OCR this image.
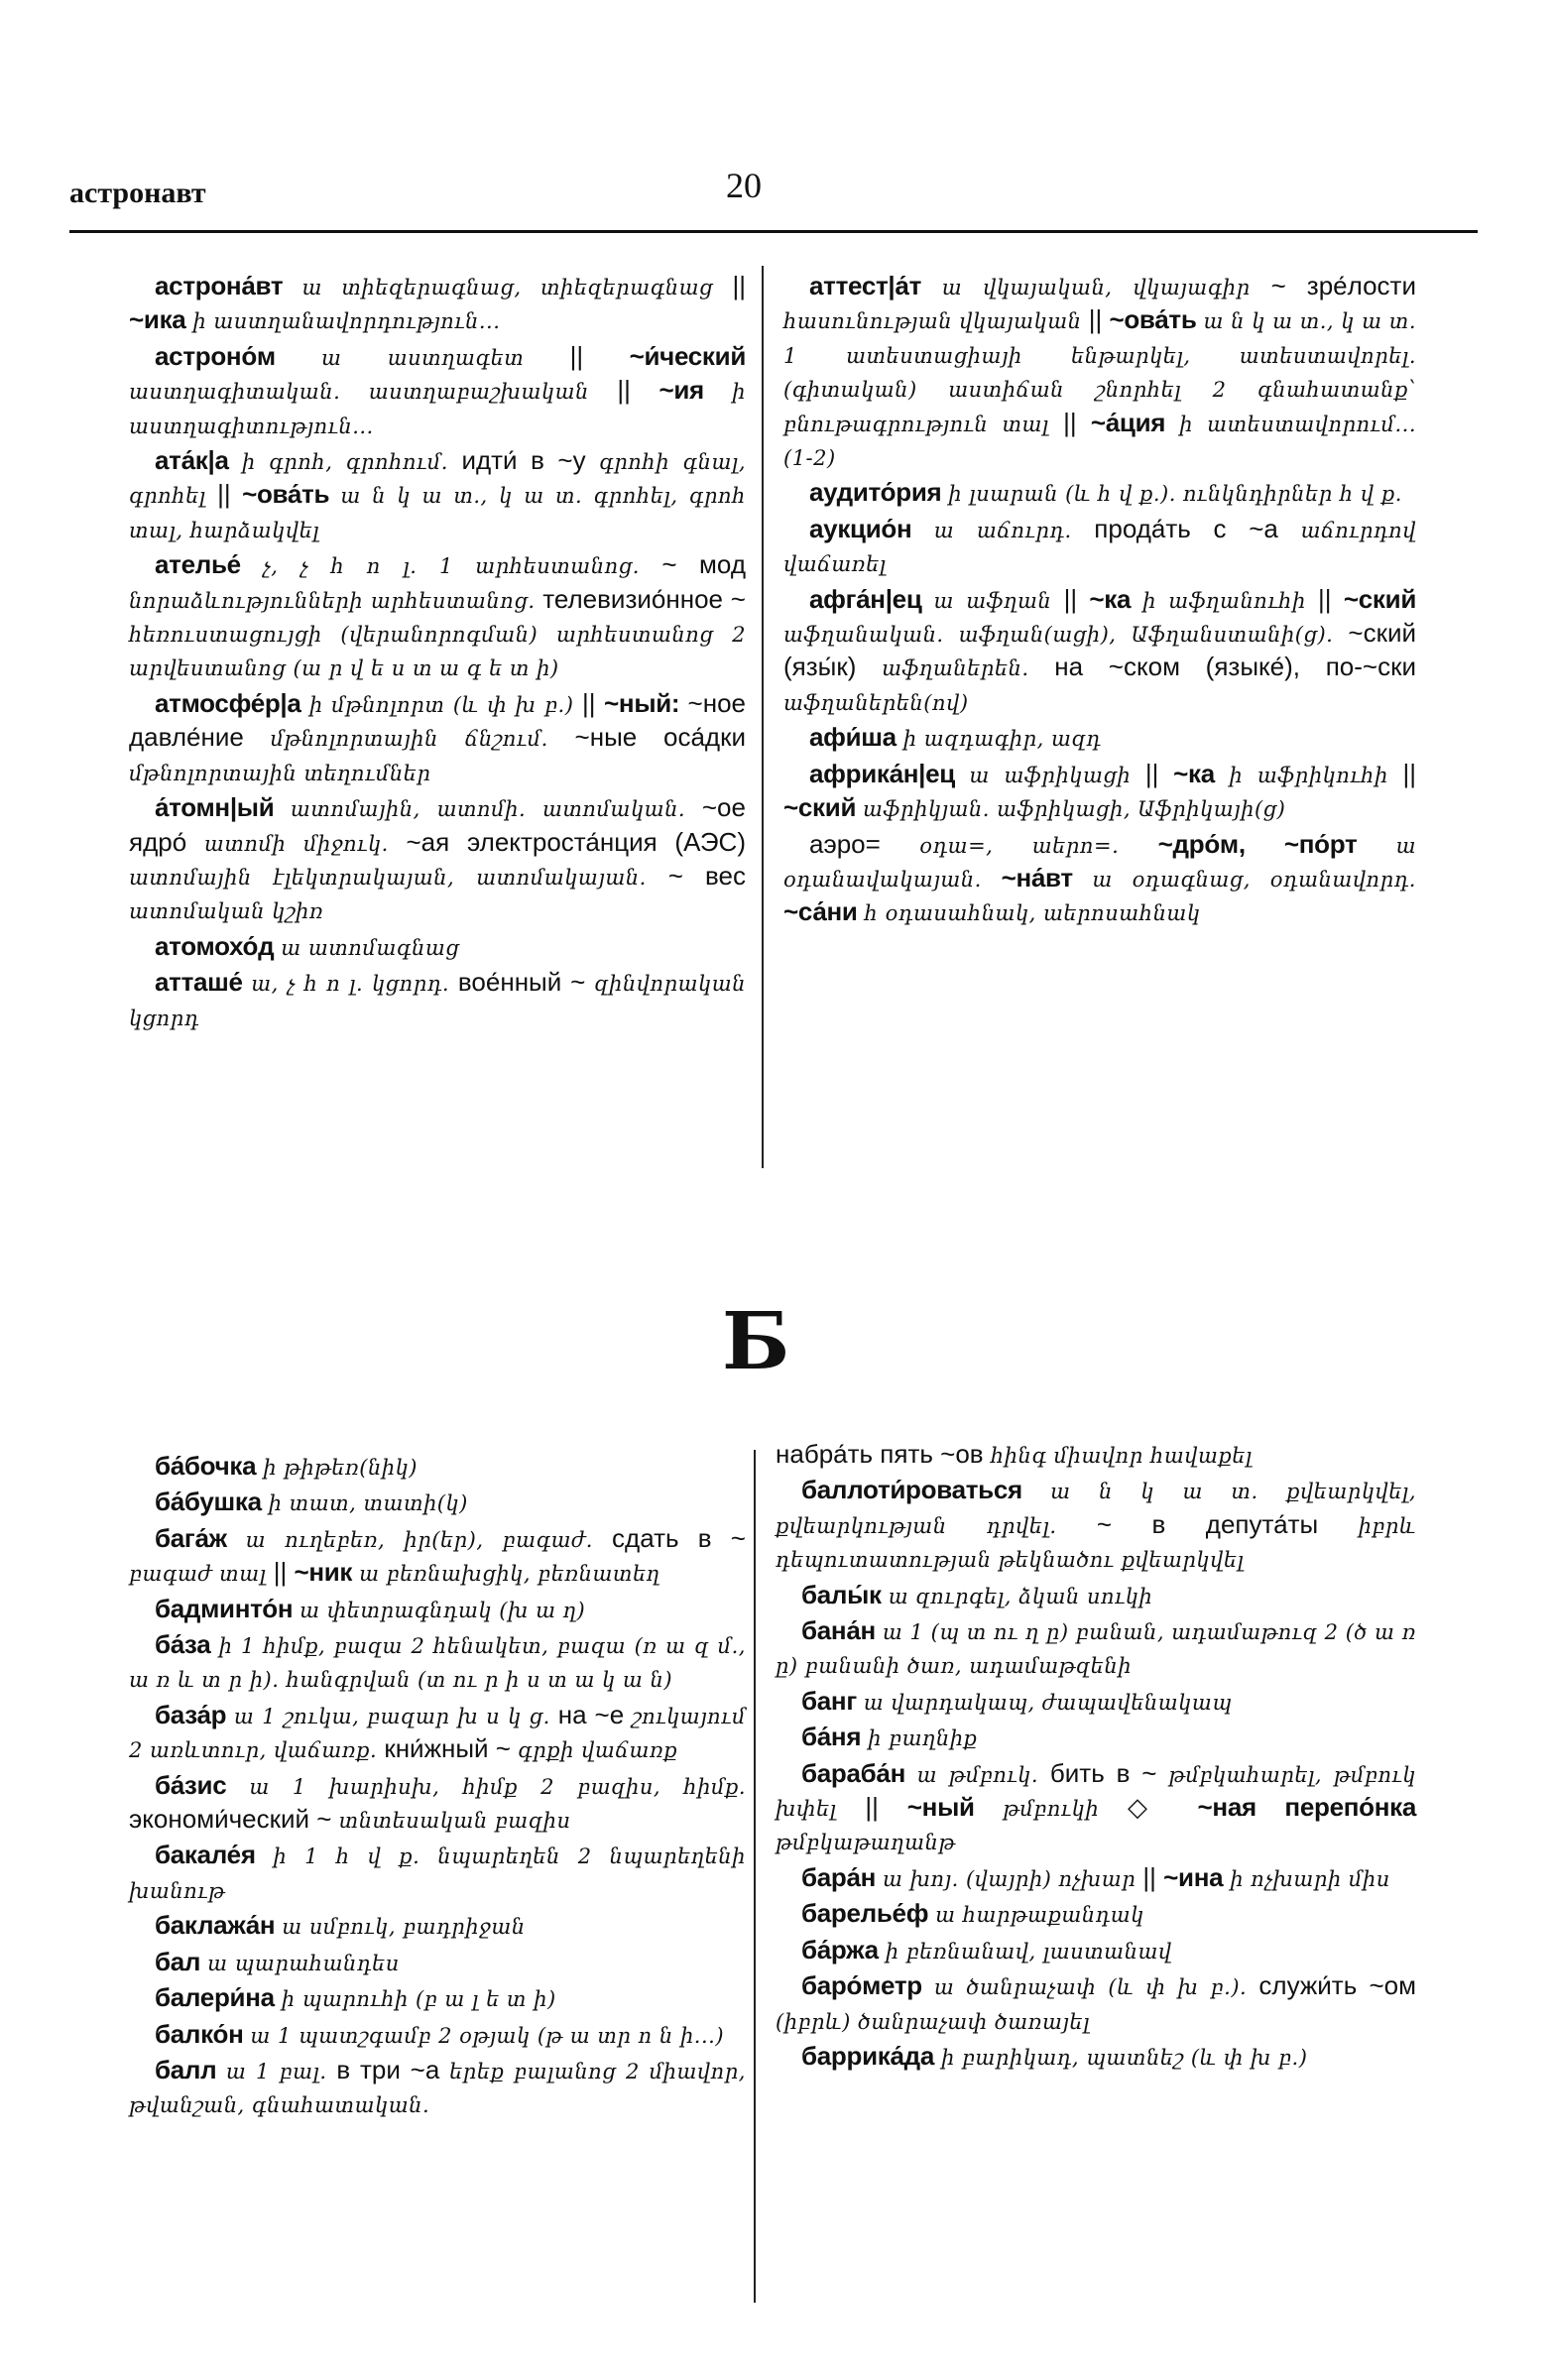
астронавт	20
астрона́вт ա տիեզերագնաց, տիեզերագնաց || ~ика ի աստղանավորդություն...
астроно́м ա աստղագետ || ~и́ческий աստղագիտական. աստղաբաշխական || ~ия ի աստղագիտություն...
ата́к|а ի գրոհ, գրոհում. идти́ в ~у գրոհի գնալ, գրոհել || ~ова́ть ա ն կ ա տ., կ ա տ. գրոհել, գրոհ տալ, հարձակվել
ателье́ չ, չ հ ո լ. 1 արհեստանոց. ~ мод նորաձևությունների արհեստանոց. телевизио́нное ~ հեռուստացույցի (վերանորոգման) արհեստանոց 2 արվեստանոց (ա ր վ ե ս տ ա գ ե տ ի)
атмосфе́р|а ի մթնոլորտ (և փ խ բ.) || ~ный: ~ное давле́ние մթնոլորտային ճնշում. ~ные оса́дки մթնոլորտային տեղումներ
а́томн|ый ատոմային, ատոմի. ատոմական. ~ое ядро́ ատոմի միջուկ. ~ая электроста́нция (АЭС) ատոմային էլեկտրակայան, ատոմակայան. ~ вес ատոմական կշիռ
атомохо́д ա ատոմագնաց
атташе́ ա, չ հ ո լ. կցորդ. вое́нный ~ զինվորական կցորդ
аттест|а́т ա վկայական, վկայագիր ~ зре́лости հասունության վկայական || ~ова́ть ա ն կ ա տ., կ ա տ. 1 ատեստացիայի ենթարկել, ատեստավորել. (գիտական) աստիճան շնորհել 2 գնահատանք՝ բնութագրություն տալ || ~а́ция ի ատեստավորում... (1-2)
аудито́рия ի լսարան (և հ վ ք.). ունկնդիրներ հ վ ք.
аукцио́н ա աճուրդ. прода́ть с ~а աճուրդով վաճառել
афга́н|ец ա աֆղան || ~ка ի աֆղանուհի || ~ский աֆղանական. աֆղան(ացի), Աֆղանստանի(ց). ~ский (язы́к) աֆղաներեն. на ~ском (языке́), по-~ски աֆղաներեն(ով)
афи́ша ի ազդագիր, ազդ
африка́н|ец ա աֆրիկացի || ~ка ի աֆրիկուհի || ~ский աֆրիկյան. աֆրիկացի, Աֆրիկայի(ց)
аэро= օդա=, աերո=. ~дро́м, ~по́рт ա օդանավակայան. ~на́вт ա օդագնաց, օդանավորդ. ~са́ни հ օդասահնակ, աերոսահնակ
Б
ба́бочка ի թիթեռ(նիկ)
ба́бушка ի տատ, տատի(կ)
бага́ж ա ուղեբեռ, իր(եր), բագաժ. сдать в ~ բագաժ տալ || ~ник ա բեռնախցիկ, բեռնատեղ
бадминто́н ա փետրագնդակ (խ ա ղ)
ба́за ի 1 հիմք, բազա 2 հենակետ, բազա (ռ ա զ մ., ա ռ և տ ր ի). հանգրվան (տ ու ր ի ս տ ա կ ա ն)
база́р ա 1 շուկա, բազար խ ս կ ց. на ~е շուկայում 2 առևտուր, վաճառք. кни́жный ~ գրքի վաճառք
ба́зис ա 1 խարիսխ, հիմք 2 բազիս, հիմք. экономи́ческий ~ տնտեսական բազիս
бакале́я ի 1 հ վ ք. նպարեղեն 2 նպարեղենի խանութ
баклажа́н ա սմբուկ, բադրիջան
бал ա պարահանդես
балери́на ի պարուհի (բ ա լ ե տ ի)
балко́н ա 1 պատշգամբ 2 օթյակ (թ ա տր ո ն ի...)
балл ա 1 բալ. в три ~а երեք բալանոց 2 միավոր, թվանշան, գնահատական.
набра́ть пять ~ов հինգ միավոր հավաքել
баллоти́роваться ա ն կ ա տ. քվեարկվել, քվեարկության դրվել. ~ в депута́ты իբրև դեպուտատության թեկնածու քվեարկվել
балы́к ա զուրգել, ձկան սուկի
бана́н ա 1 (պ տ ու ղ ը) բանան, ադամաթուզ 2 (ծ ա ռ ը) բանանի ծառ, ադամաթզենի
банг ա վարդակապ, ժապավենակապ
ба́ня ի բաղնիք
бараба́н ա թմբուկ. бить в ~ թմբկահարել, թմբուկ խփել || ~ный թմբուկի ◇ ~ная перепо́нка թմբկաթաղանթ
бара́н ա խոյ. (վայրի) ոչխար || ~ина ի ոչխարի միս
барелье́ф ա հարթաքանդակ
ба́ржа ի բեռնանավ, լաստանավ
баро́метр ա ծանրաչափ (և փ խ բ.). служи́ть ~ом (իբրև) ծանրաչափ ծառայել
баррика́да ի բարիկադ, պատնեշ (և փ խ բ.)
